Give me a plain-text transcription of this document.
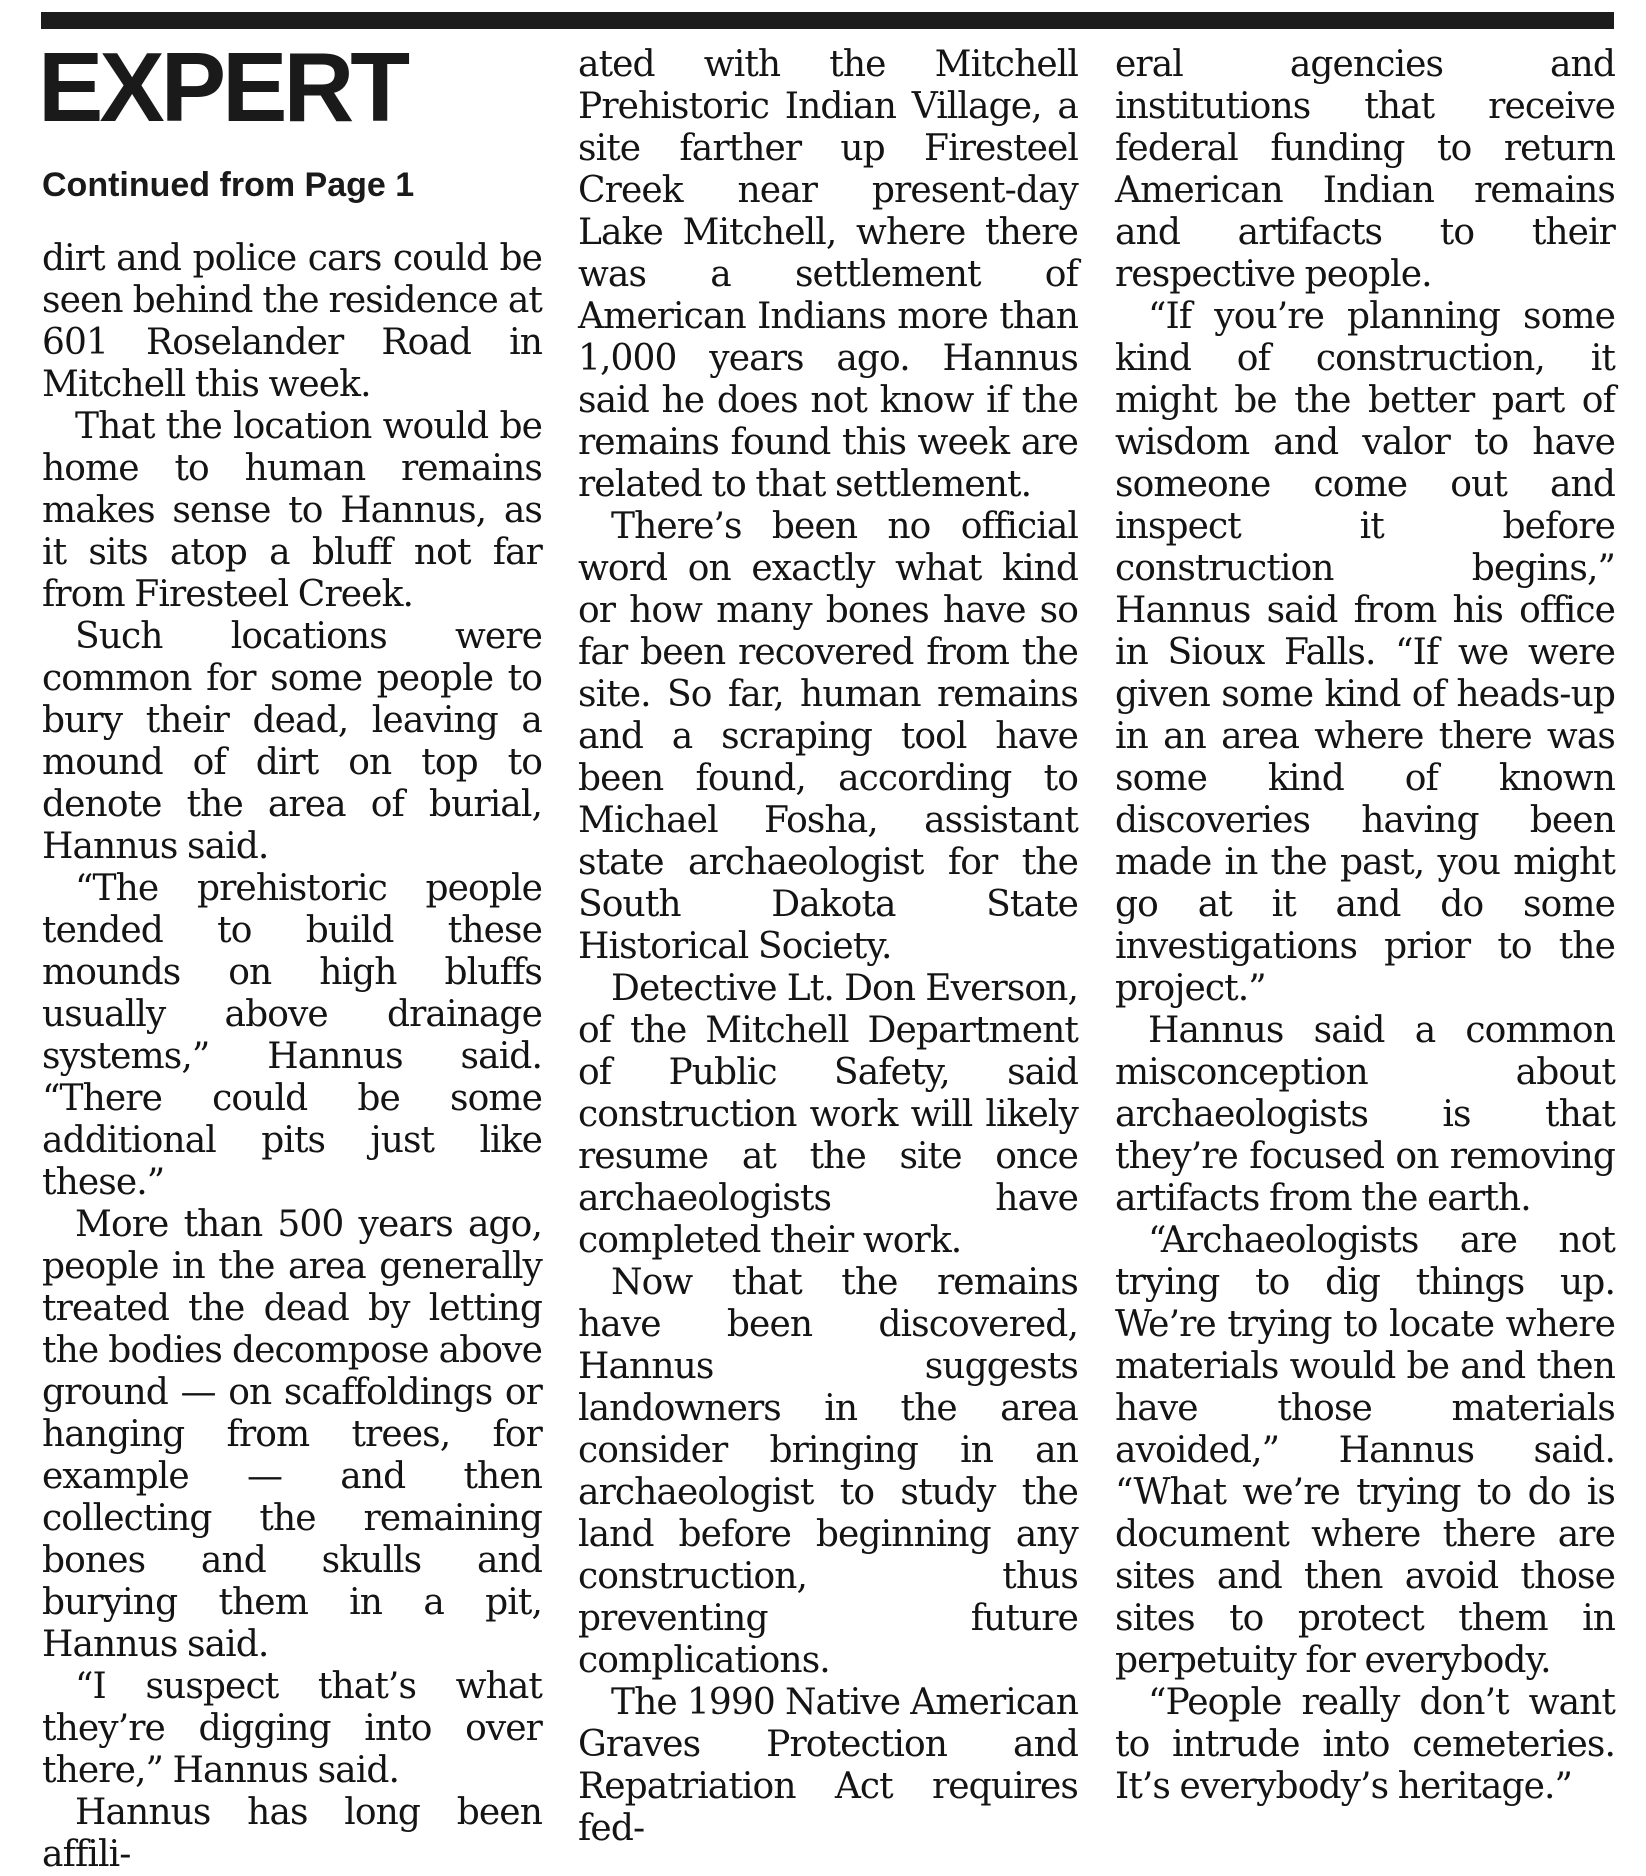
EXPERT
Continued from Page 1

dirt and police cars could be seen behind the residence at 601 Roselander Road in Mitchell this week.

That the location would be home to human remains makes sense to Hannus, as it sits atop a bluff not far from Firesteel Creek.

Such locations were common for some people to bury their dead, leaving a mound of dirt on top to denote the area of burial, Hannus said.

“The prehistoric people tended to build these mounds on high bluffs usually above drainage systems,” Hannus said. “There could be some additional pits just like these.”

More than 500 years ago, people in the area generally treated the dead by letting the bodies decompose above ground — on scaffoldings or hanging from trees, for example — and then collecting the remaining bones and skulls and burying them in a pit, Hannus said.

“I suspect that’s what they’re digging into over there,” Hannus said.

Hannus has long been affili-

ated with the Mitchell Prehistoric Indian Village, a site farther up Firesteel Creek near present-day Lake Mitchell, where there was a settlement of American Indians more than 1,000 years ago. Hannus said he does not know if the remains found this week are related to that settlement.

There’s been no official word on exactly what kind or how many bones have so far been recovered from the site. So far, human remains and a scraping tool have been found, according to Michael Fosha, assistant state archaeologist for the South Dakota State Historical Society.

Detective Lt. Don Everson, of the Mitchell Department of Public Safety, said construction work will likely resume at the site once archaeologists have completed their work.

Now that the remains have been discovered, Hannus suggests landowners in the area consider bringing in an archaeologist to study the land before beginning any construction, thus preventing future complications.

The 1990 Native American Graves Protection and Repatriation Act requires fed-

eral agencies and institutions that receive federal funding to return American Indian remains and artifacts to their respective people.

“If you’re planning some kind of construction, it might be the better part of wisdom and valor to have someone come out and inspect it before construction begins,” Hannus said from his office in Sioux Falls. “If we were given some kind of heads-up in an area where there was some kind of known discoveries having been made in the past, you might go at it and do some investigations prior to the project.”

Hannus said a common misconception about archaeologists is that they’re focused on removing artifacts from the earth.

“Archaeologists are not trying to dig things up. We’re trying to locate where materials would be and then have those materials avoided,” Hannus said. “What we’re trying to do is document where there are sites and then avoid those sites to protect them in perpetuity for everybody.

“People really don’t want to intrude into cemeteries. It’s everybody’s heritage.”
